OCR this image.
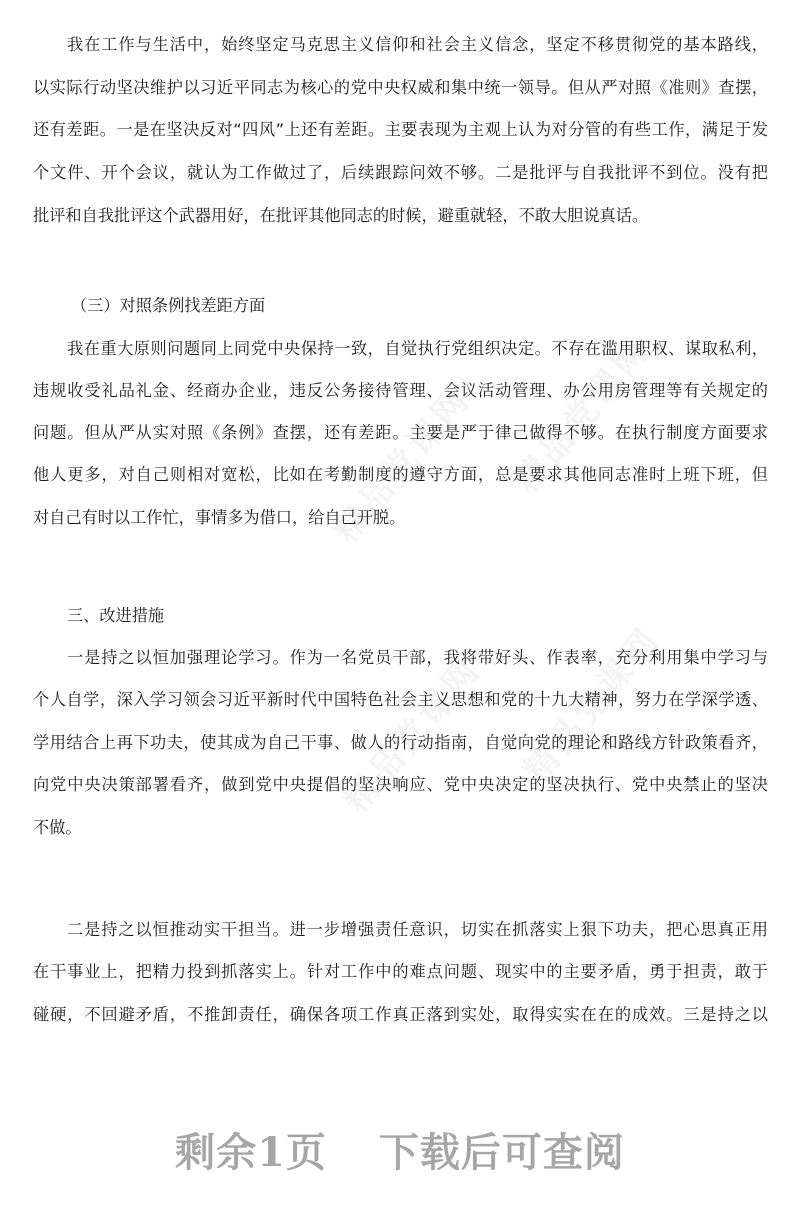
我在工作与生活中，始终坚定马克思主义信仰和社会主义信念，坚定不移贯彻党的基本路线，
以实际行动坚决维护以习近平同志为核心的党中央权威和集中统一领导。但从严对照《准则》查摆，
还有差距。一是在坚决反对“四风”上还有差距。主要表现为主观上认为对分管的有些工作，满足于发
个文件、开个会议，就认为工作做过了，后续跟踪问效不够。二是批评与自我批评不到位。没有把
批评和自我批评这个武器用好，在批评其他同志的时候，避重就轻，不敢大胆说真话。
（三）对照条例找差距方面
我在重大原则问题同上同党中央保持一致，自觉执行党组织决定。不存在滥用职权、谋取私利，
违规收受礼品礼金、经商办企业，违反公务接待管理、会议活动管理、办公用房管理等有关规定的
问题。但从严从实对照《条例》查摆，还有差距。主要是严于律己做得不够。在执行制度方面要求
他人更多，对自己则相对宽松，比如在考勤制度的遵守方面，总是要求其他同志准时上班下班，但
对自己有时以工作忙，事情多为借口，给自己开脱。
三、改进措施
一是持之以恒加强理论学习。作为一名党员干部，我将带好头、作表率，充分利用集中学习与
个人自学，深入学习领会习近平新时代中国特色社会主义思想和党的十九大精神，努力在学深学透、
学用结合上再下功夫，使其成为自己干事、做人的行动指南，自觉向党的理论和路线方针政策看齐，
向党中央决策部署看齐，做到党中央提倡的坚决响应、党中央决定的坚决执行、党中央禁止的坚决
不做。
二是持之以恒推动实干担当。进一步增强责任意识，切实在抓落实上狠下功夫，把心思真正用
在干事业上，把精力投到抓落实上。针对工作中的难点问题、现实中的主要矛盾，勇于担责，敢于
碰硬，不回避矛盾，不推卸责任，确保各项工作真正落到实处，取得实实在在的成效。三是持之以
剩余1页 下载后可查阅
